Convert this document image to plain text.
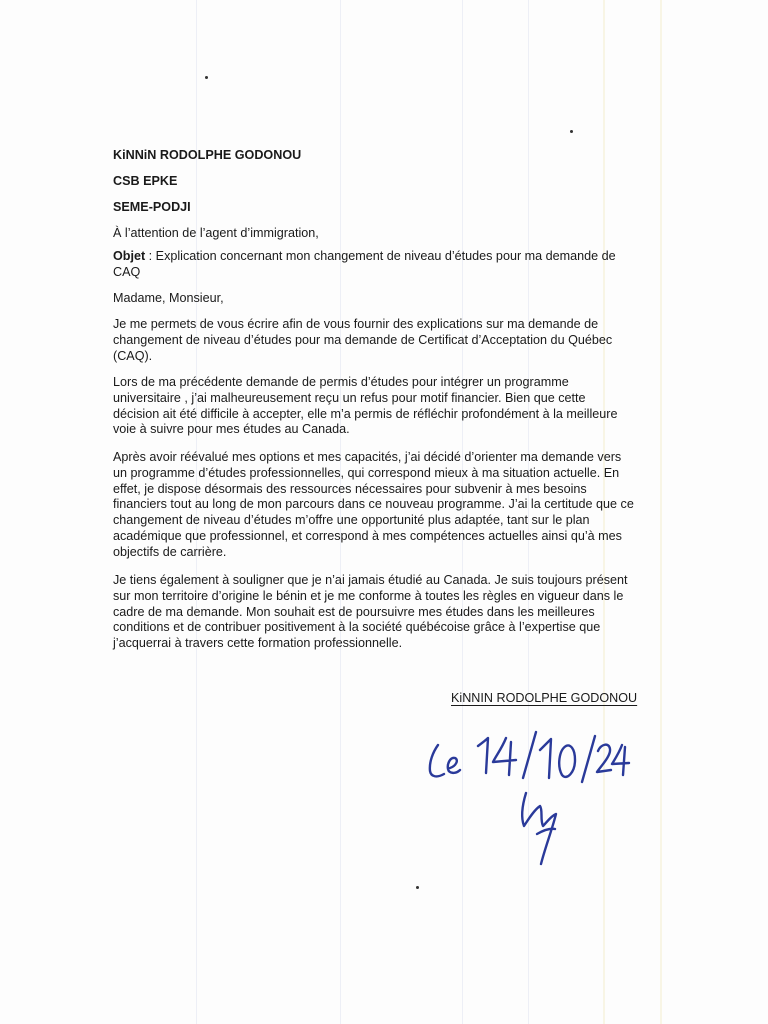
KiNNiN RODOLPHE GODONOU
CSB EPKE
SEME-PODJI
À l’attention de l’agent d’immigration,

Objet : Explication concernant mon changement de niveau d’études pour ma demande de CAQ

Madame, Monsieur,

Je me permets de vous écrire afin de vous fournir des explications sur ma demande de changement de niveau d’études pour ma demande de Certificat d’Acceptation du Québec (CAQ).

Lors de ma précédente demande de permis d’études pour intégrer un programme universitaire , j’ai malheureusement reçu un refus pour motif financier. Bien que cette décision ait été difficile à accepter, elle m’a permis de réfléchir profondément à la meilleure voie à suivre pour mes études au Canada.

Après avoir réévalué mes options et mes capacités, j’ai décidé d’orienter ma demande vers un programme d’études professionnelles, qui correspond mieux à ma situation actuelle. En effet, je dispose désormais des ressources nécessaires pour subvenir à mes besoins financiers tout au long de mon parcours dans ce nouveau programme. J’ai la certitude que ce changement de niveau d’études m’offre une opportunité plus adaptée, tant sur le plan académique que professionnel, et correspond à mes compétences actuelles ainsi qu’à mes objectifs de carrière.

Je tiens également à souligner que je n’ai jamais étudié au Canada. Je suis toujours présent sur mon territoire d’origine le bénin et je me conforme à toutes les règles en vigueur dans le cadre de ma demande. Mon souhait est de poursuivre mes études dans les meilleures conditions et de contribuer positivement à la société québécoise grâce à l’expertise que j’acquerrai à travers cette formation professionnelle.

KiNNIN RODOLPHE GODONOU
